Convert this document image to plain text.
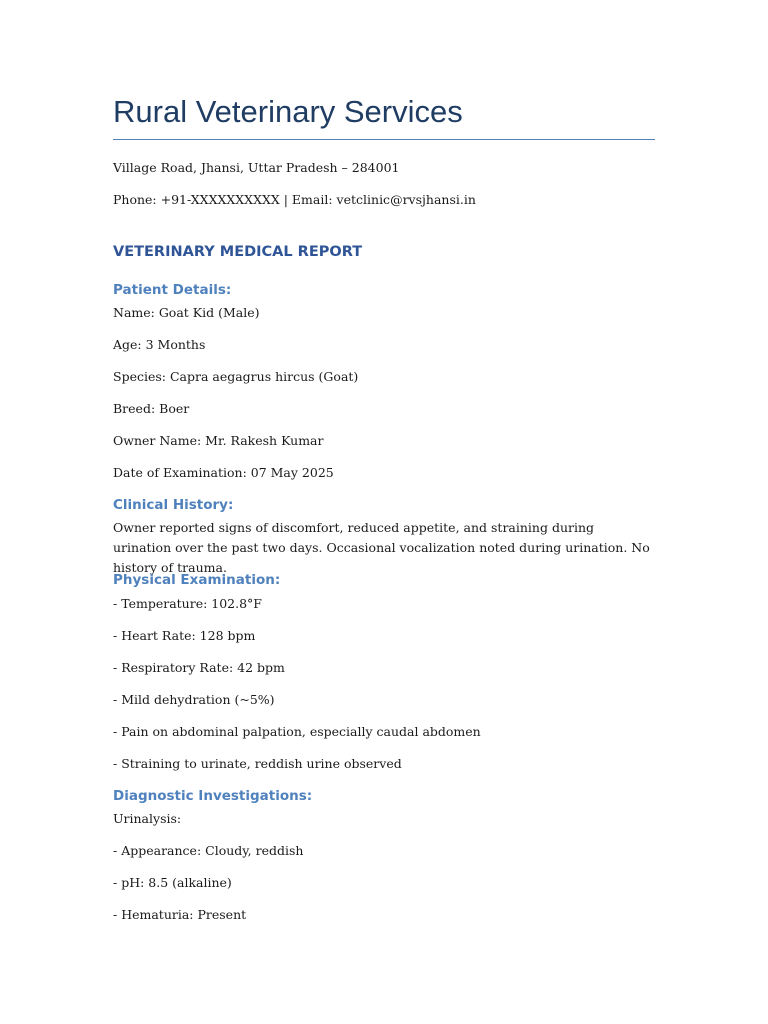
Rural Veterinary Services

Village Road, Jhansi, Uttar Pradesh – 284001

Phone: +91-XXXXXXXXXX | Email: vetclinic@rvsjhansi.in

VETERINARY MEDICAL REPORT
Patient Details:

Name: Goat Kid (Male)

Age: 3 Months

Species: Capra aegagrus hircus (Goat)

Breed: Boer

Owner Name: Mr. Rakesh Kumar

Date of Examination: 07 May 2025

Clinical History:

Owner reported signs of discomfort, reduced appetite, and straining during urination over the past two days. Occasional vocalization noted during urination. No history of trauma.

Physical Examination:

- Temperature: 102.8°F

- Heart Rate: 128 bpm

- Respiratory Rate: 42 bpm

- Mild dehydration (~5%)

- Pain on abdominal palpation, especially caudal abdomen

- Straining to urinate, reddish urine observed

Diagnostic Investigations:

Urinalysis:

- Appearance: Cloudy, reddish

- pH: 8.5 (alkaline)

- Hematuria: Present
